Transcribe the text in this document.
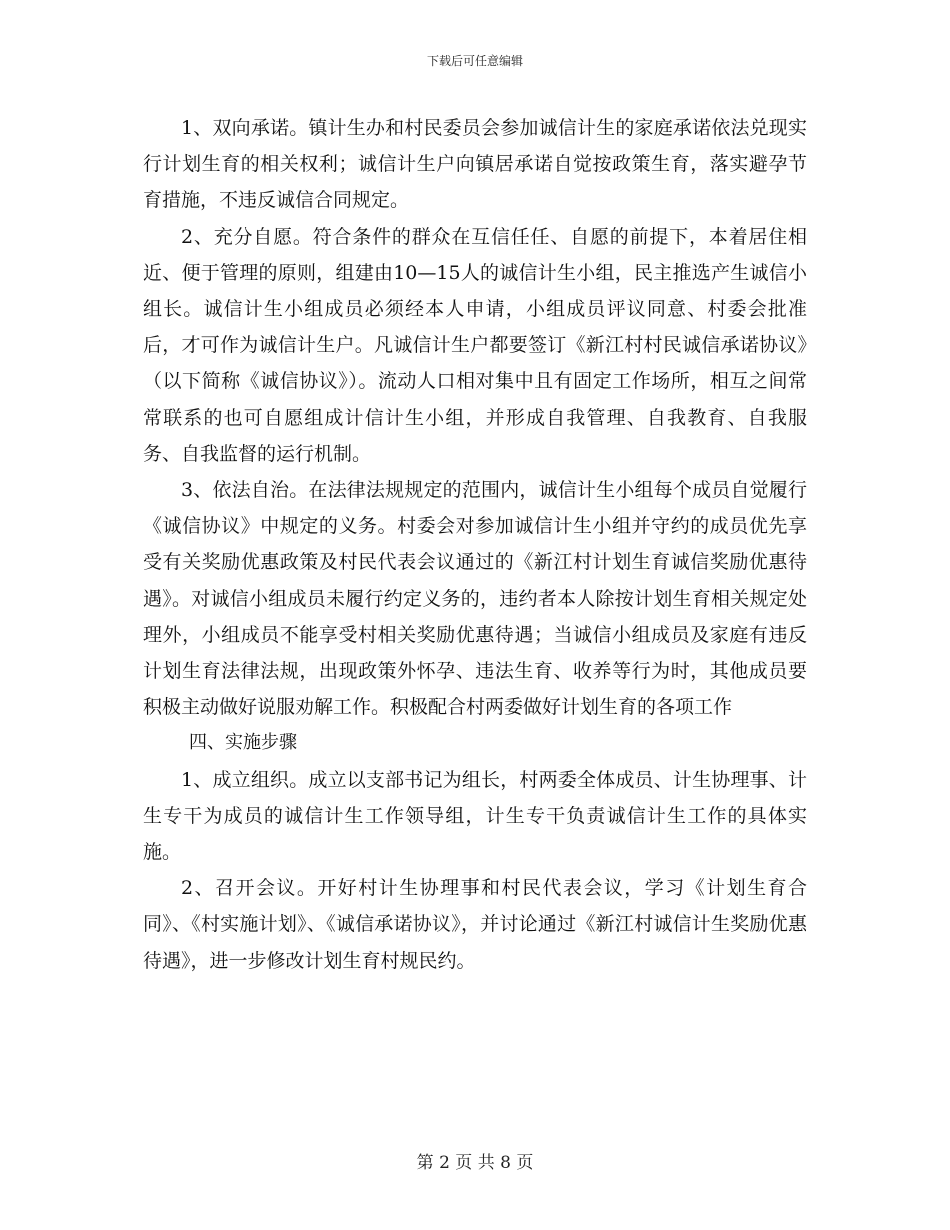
下载后可任意编辑

1、双向承诺。镇计生办和村民委员会参加诚信计生的家庭承诺依法兑现实行计划生育的相关权利；诚信计生户向镇居承诺自觉按政策生育，落实避孕节育措施，不违反诚信合同规定。

2、充分自愿。符合条件的群众在互信任任、自愿的前提下，本着居住相近、便于管理的原则，组建由10—15人的诚信计生小组，民主推选产生诚信小组长。诚信计生小组成员必须经本人申请，小组成员评议同意、村委会批准后，才可作为诚信计生户。凡诚信计生户都要签订《新江村村民诚信承诺协议》（以下简称《诚信协议》）。流动人口相对集中且有固定工作场所，相互之间常常联系的也可自愿组成计信计生小组，并形成自我管理、自我教育、自我服务、自我监督的运行机制。

3、依法自治。在法律法规规定的范围内，诚信计生小组每个成员自觉履行《诚信协议》中规定的义务。村委会对参加诚信计生小组并守约的成员优先享受有关奖励优惠政策及村民代表会议通过的《新江村计划生育诚信奖励优惠待遇》。对诚信小组成员未履行约定义务的，违约者本人除按计划生育相关规定处理外，小组成员不能享受村相关奖励优惠待遇；当诚信小组成员及家庭有违反计划生育法律法规，出现政策外怀孕、违法生育、收养等行为时，其他成员要积极主动做好说服劝解工作。积极配合村两委做好计划生育的各项工作

四、实施步骤

1、成立组织。成立以支部书记为组长，村两委全体成员、计生协理事、计生专干为成员的诚信计生工作领导组，计生专干负责诚信计生工作的具体实施。

2、召开会议。开好村计生协理事和村民代表会议，学习《计划生育合同》、《村实施计划》、《诚信承诺协议》，并讨论通过《新江村诚信计生奖励优惠待遇》，进一步修改计划生育村规民约。

第 2 页 共 8 页
